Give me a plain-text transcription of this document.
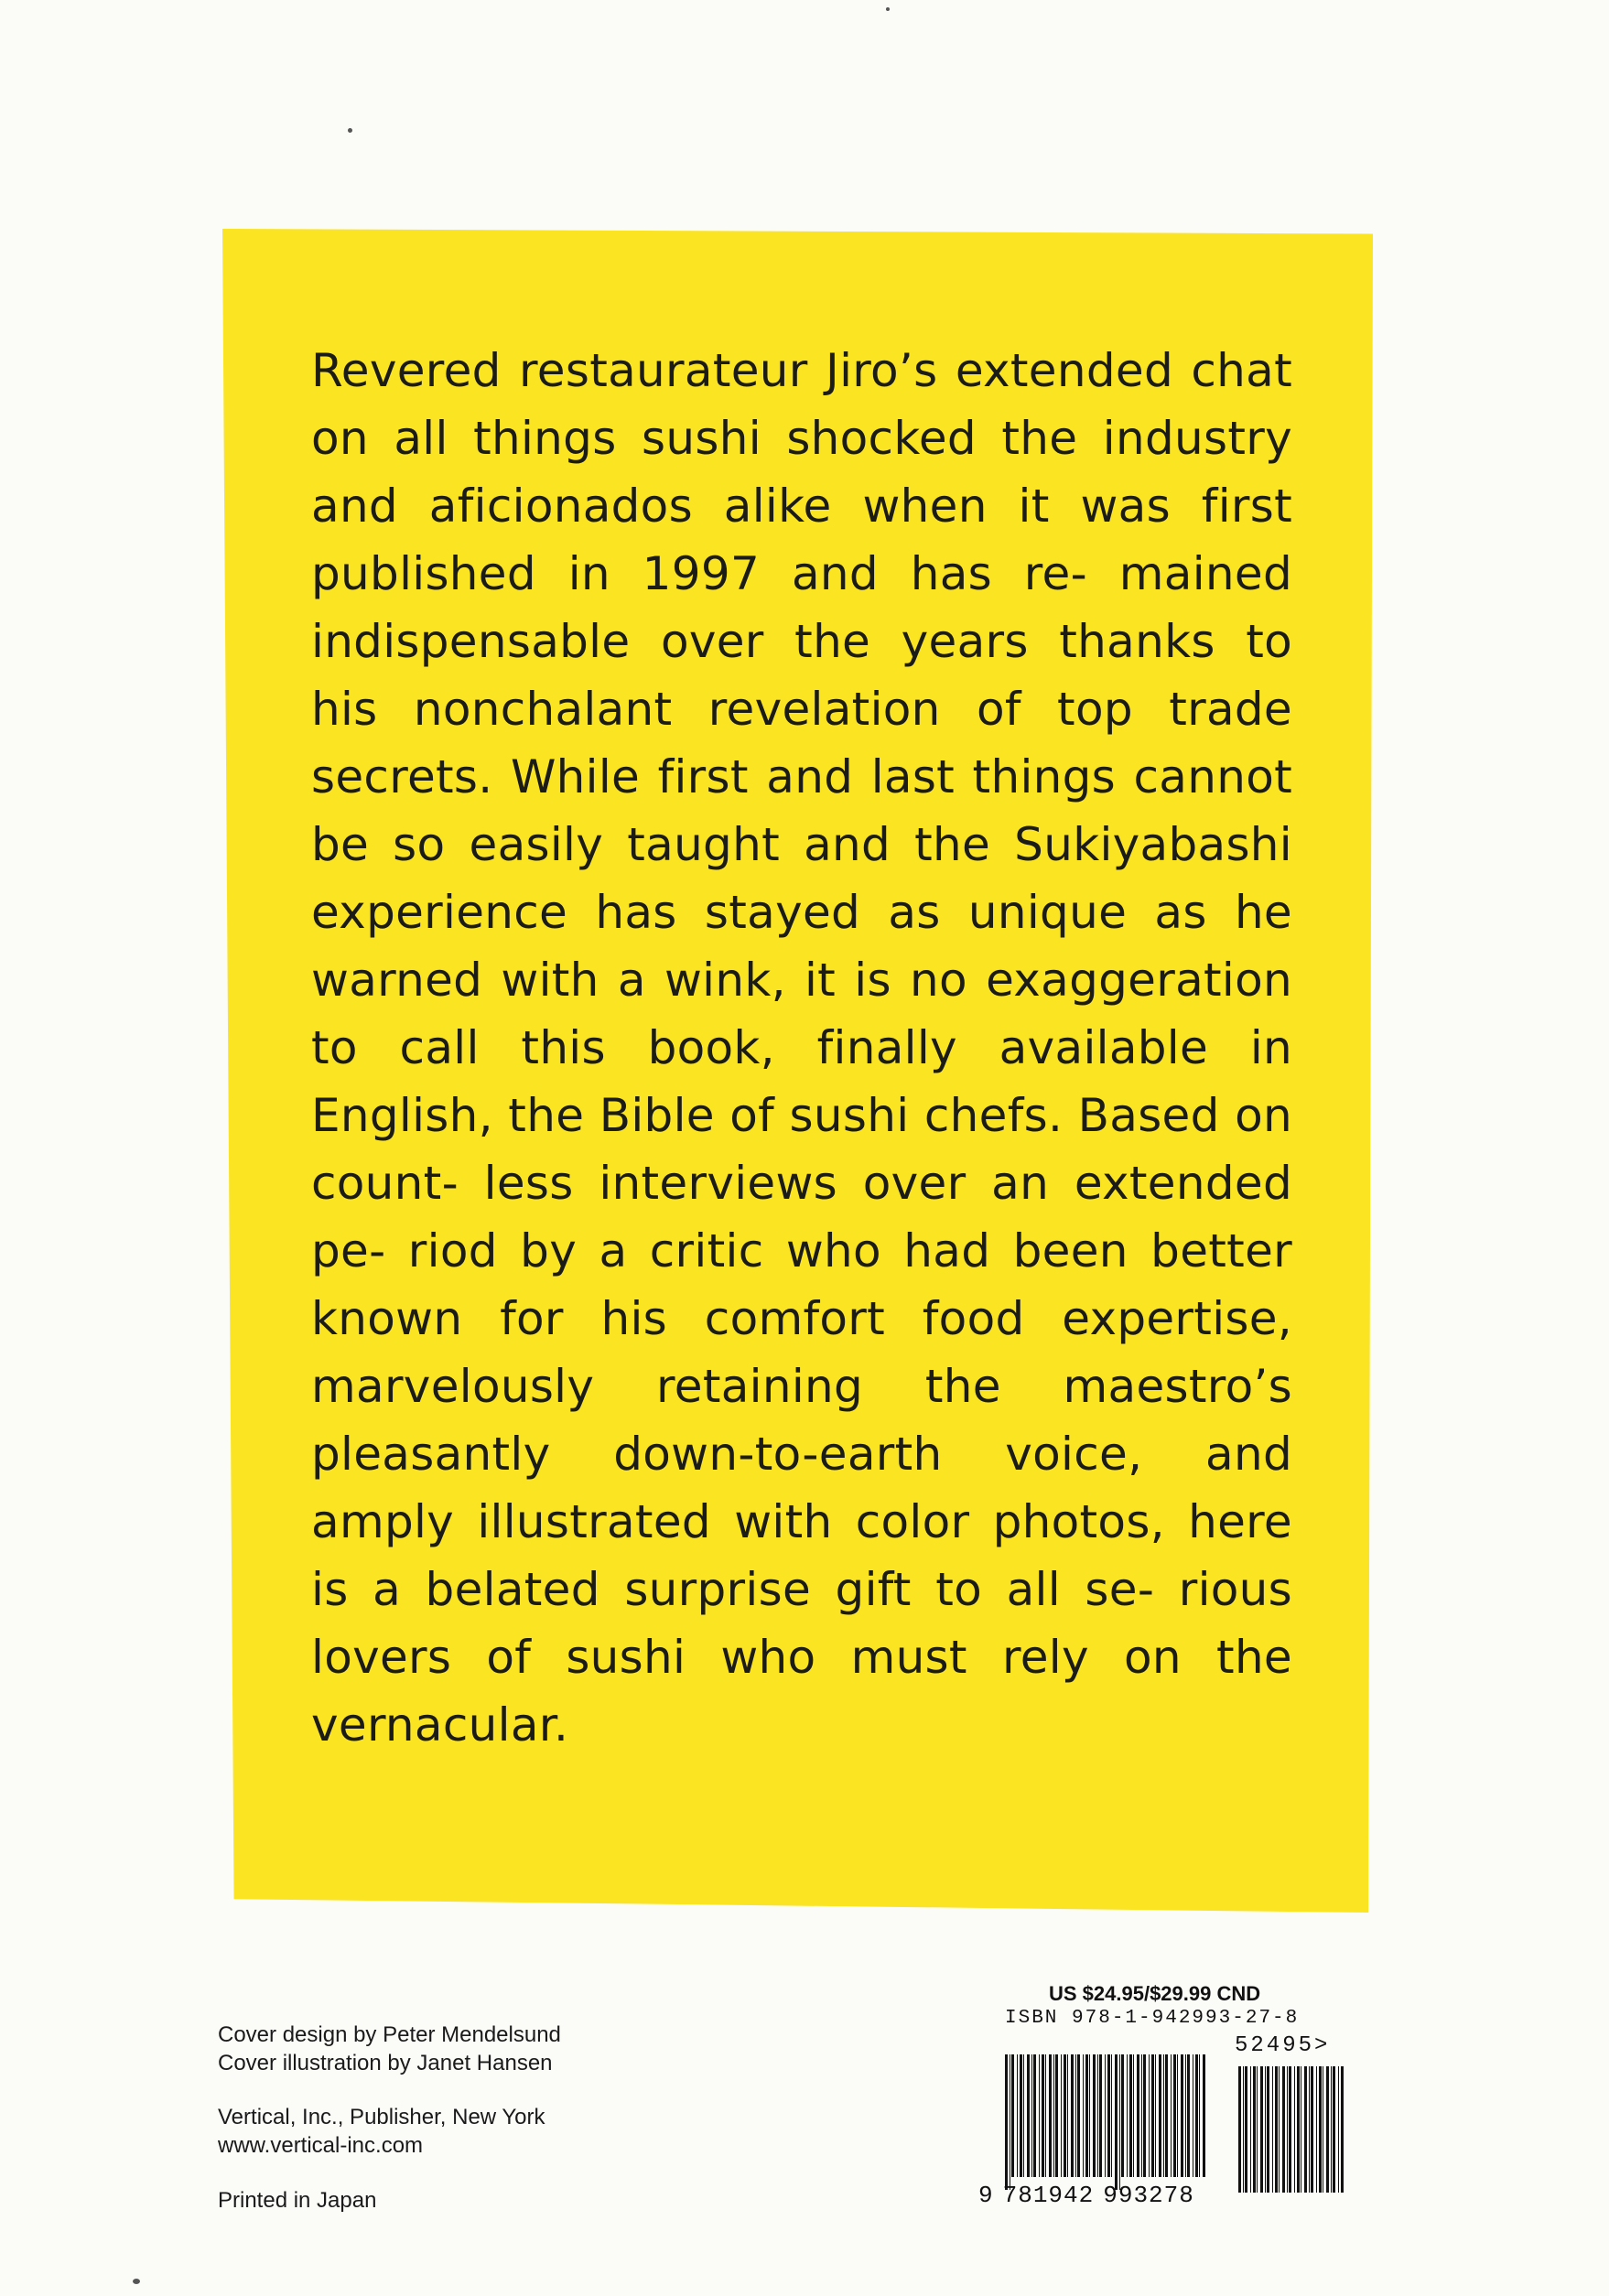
Revered restaurateur Jiro’s extended chat on all things sushi shocked the industry and aficionados alike when it was first published in 1997 and has re- mained indispensable over the years thanks to his nonchalant revelation of top trade secrets. While first and last things cannot be so easily taught and the Sukiyabashi experience has stayed as unique as he warned with a wink, it is no exaggeration to call this book, finally available in English, the Bible of sushi chefs. Based on count- less interviews over an extended pe- riod by a critic who had been better known for his comfort food expertise, marvelously retaining the maestro’s pleasantly down-to-earth voice, and amply illustrated with color photos, here is a belated surprise gift to all se- rious lovers of sushi who must rely on the vernacular.

Cover design by Peter Mendelsund
Cover illustration by Janet Hansen
Vertical, Inc., Publisher, New York
www.vertical-inc.com
Printed in Japan
US $24.95/$29.99 CND
ISBN 978-1-942993-27-8
52495>
9 781942 993278
